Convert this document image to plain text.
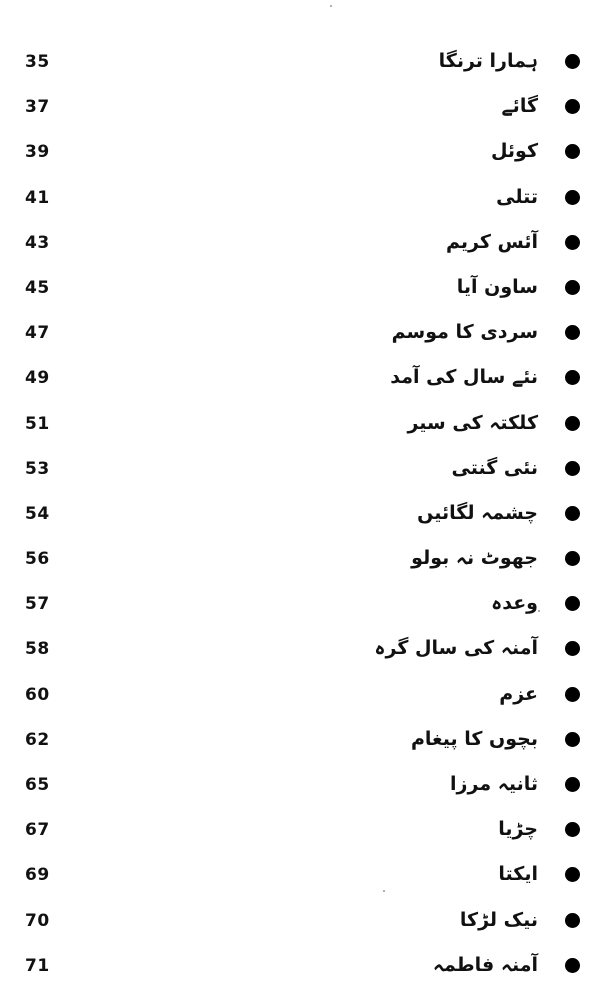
35	ہمارا ترنگا
37	گائے
39	کوئل
41	تتلی
43	آئس کریم
45	ساون آیا
47	سردی کا موسم
49	نئے سال کی آمد
51	کلکتہ کی سیر
53	نئی گنتی
54	چشمہ لگائیں
56	جھوٹ نہ بولو
57	وعدہ
58	آمنہ کی سال گرہ
60	عزم
62	بچوں کا پیغام
65	ثانیہ مرزا
67	چڑیا
69	ایکتا
70	نیک لڑکا
71	آمنہ فاطمہ
